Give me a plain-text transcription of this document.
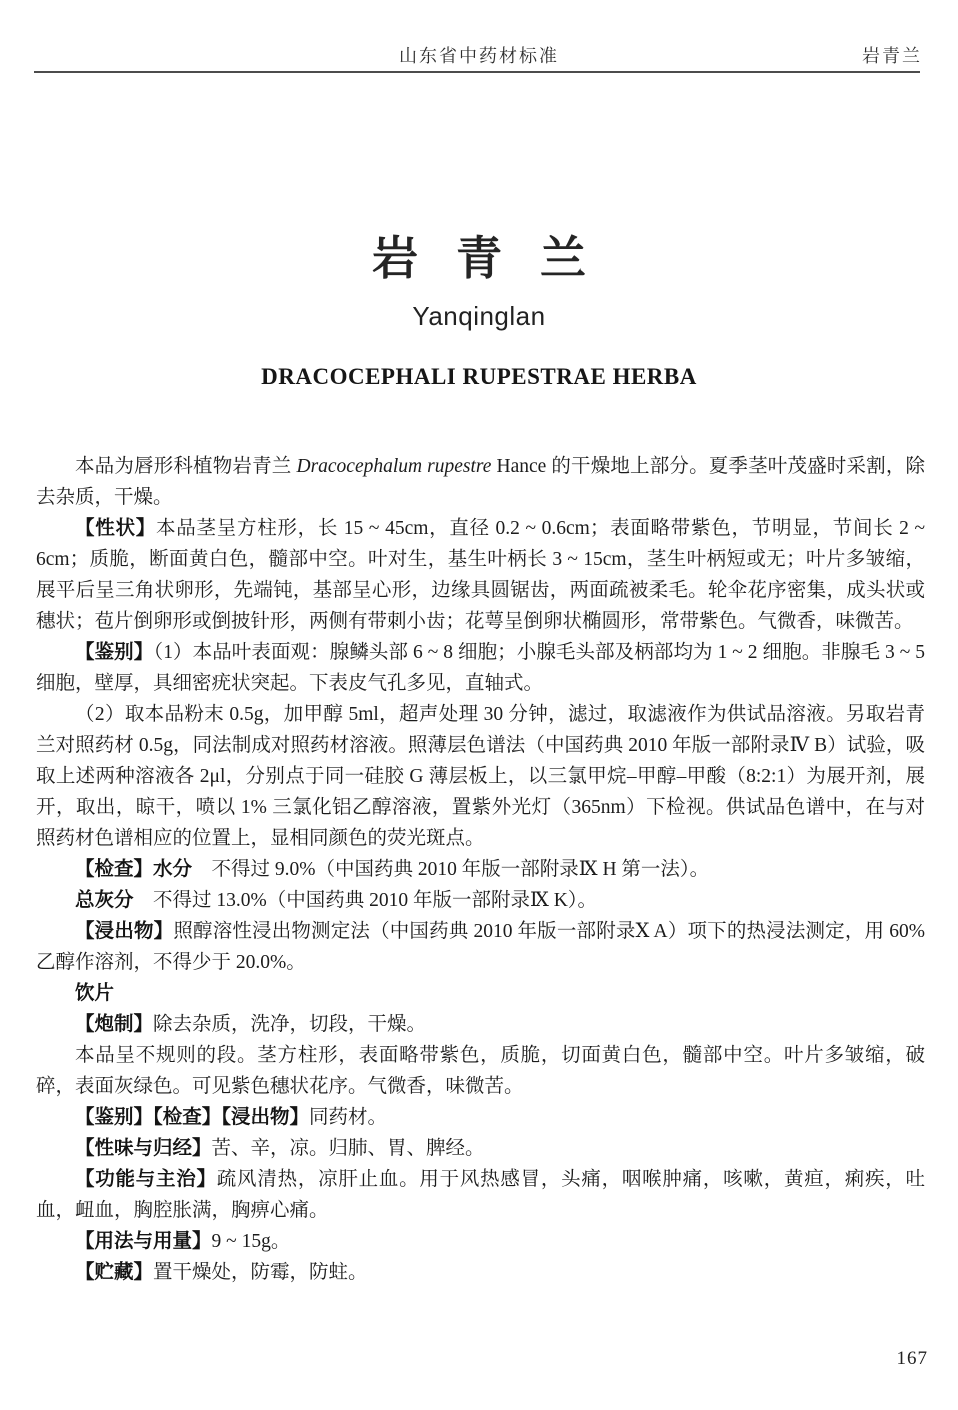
山东省中药材标准	岩青兰
岩青兰
Yanqinglan
DRACOCEPHALI RUPESTRAE HERBA

本品为唇形科植物岩青兰 Dracocephalum rupestre Hance 的干燥地上部分。夏季茎叶茂盛时采割，除去杂质，干燥。

【性状】本品茎呈方柱形，长 15 ~ 45cm，直径 0.2 ~ 0.6cm；表面略带紫色，节明显，节间长 2 ~ 6cm；质脆，断面黄白色，髓部中空。叶对生，基生叶柄长 3 ~ 15cm，茎生叶柄短或无；叶片多皱缩，展平后呈三角状卵形，先端钝，基部呈心形，边缘具圆锯齿，两面疏被柔毛。轮伞花序密集，成头状或穗状；苞片倒卵形或倒披针形，两侧有带刺小齿；花萼呈倒卵状椭圆形，常带紫色。气微香，味微苦。

【鉴别】（1）本品叶表面观：腺鳞头部 6 ~ 8 细胞；小腺毛头部及柄部均为 1 ~ 2 细胞。非腺毛 3 ~ 5 细胞，壁厚，具细密疣状突起。下表皮气孔多见，直轴式。

（2）取本品粉末 0.5g，加甲醇 5ml，超声处理 30 分钟，滤过，取滤液作为供试品溶液。另取岩青兰对照药材 0.5g，同法制成对照药材溶液。照薄层色谱法（中国药典 2010 年版一部附录Ⅳ B）试验，吸取上述两种溶液各 2μl，分别点于同一硅胶 G 薄层板上，以三氯甲烷–甲醇–甲酸（8:2:1）为展开剂，展开，取出，晾干，喷以 1% 三氯化铝乙醇溶液，置紫外光灯（365nm）下检视。供试品色谱中，在与对照药材色谱相应的位置上，显相同颜色的荧光斑点。

【检查】水分　不得过 9.0%（中国药典 2010 年版一部附录Ⅸ H 第一法）。

总灰分　不得过 13.0%（中国药典 2010 年版一部附录Ⅸ K）。

【浸出物】照醇溶性浸出物测定法（中国药典 2010 年版一部附录Ⅹ A）项下的热浸法测定，用 60% 乙醇作溶剂，不得少于 20.0%。

饮片

【炮制】除去杂质，洗净，切段，干燥。

本品呈不规则的段。茎方柱形，表面略带紫色，质脆，切面黄白色，髓部中空。叶片多皱缩，破碎，表面灰绿色。可见紫色穗状花序。气微香，味微苦。

【鉴别】【检查】【浸出物】同药材。

【性味与归经】苦、辛，凉。归肺、胃、脾经。

【功能与主治】疏风清热，凉肝止血。用于风热感冒，头痛，咽喉肿痛，咳嗽，黄疸，痢疾，吐血，衄血，胸腔胀满，胸痹心痛。

【用法与用量】9 ~ 15g。

【贮藏】置干燥处，防霉，防蛀。

167
